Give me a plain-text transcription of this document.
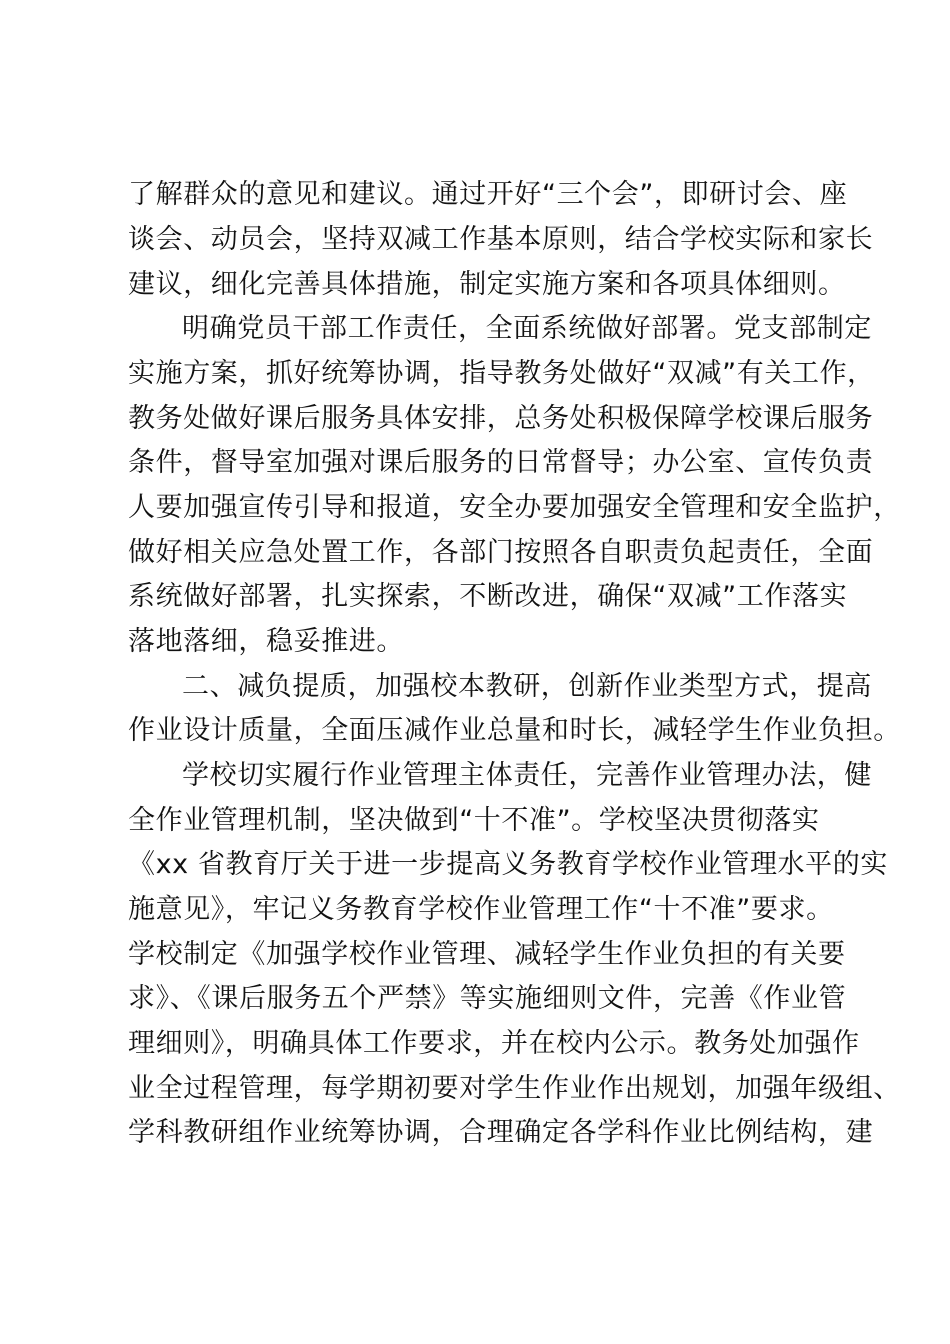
了解群众的意见和建议。通过开好“三个会”，即研讨会、座
谈会、动员会，坚持双减工作基本原则，结合学校实际和家长
建议，细化完善具体措施，制定实施方案和各项具体细则。
明确党员干部工作责任，全面系统做好部署。党支部制定
实施方案，抓好统筹协调，指导教务处做好“双减”有关工作，
教务处做好课后服务具体安排，总务处积极保障学校课后服务
条件，督导室加强对课后服务的日常督导；办公室、宣传负责
人要加强宣传引导和报道，安全办要加强安全管理和安全监护，
做好相关应急处置工作，各部门按照各自职责负起责任，全面
系统做好部署，扎实探索，不断改进，确保“双减”工作落实
落地落细，稳妥推进。
二、减负提质，加强校本教研，创新作业类型方式，提高
作业设计质量，全面压减作业总量和时长，减轻学生作业负担。
学校切实履行作业管理主体责任，完善作业管理办法，健
全作业管理机制，坚决做到“十不准”。学校坚决贯彻落实
《xx 省教育厅关于进一步提高义务教育学校作业管理水平的实
施意见》，牢记义务教育学校作业管理工作“十不准”要求。
学校制定《加强学校作业管理、减轻学生作业负担的有关要
求》、《课后服务五个严禁》等实施细则文件，完善《作业管
理细则》，明确具体工作要求，并在校内公示。教务处加强作
业全过程管理，每学期初要对学生作业作出规划，加强年级组、
学科教研组作业统筹协调，合理确定各学科作业比例结构，建
